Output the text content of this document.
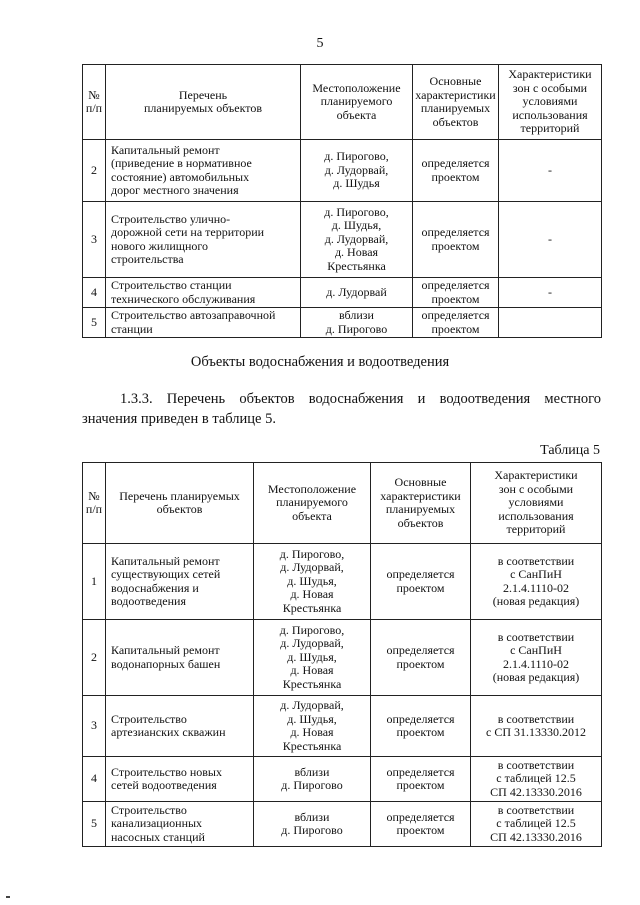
5
№
п/п	Перечень
планируемых объектов	Местоположение
планируемого
объекта	Основные
характеристики
планируемых
объектов	Характеристики
зон с особыми
условиями
использования
территорий
2	Капитальный ремонт
(приведение в нормативное
состояние) автомобильных
дорог местного значения	д. Пирогово,
д. Лудорвай,
д. Шудья	определяется
проектом	-
3	Строительство улично-
дорожной сети на территории
нового жилищного
строительства	д. Пирогово,
д. Шудья,
д. Лудорвай,
д. Новая
Крестьянка	определяется
проектом	-
4	Строительство станции
технического обслуживания	д. Лудорвай	определяется
проектом	-
5	Строительство автозаправочной
станции	вблизи
д. Пирогово	определяется
проектом	
Объекты водоснабжения и водоотведения
1.3.3. Перечень объектов водоснабжения и водоотведения местного
значения приведен в таблице 5.
Таблица 5
№
п/п	Перечень планируемых
объектов	Местоположение
планируемого
объекта	Основные
характеристики
планируемых
объектов	Характеристики
зон с особыми
условиями
использования
территорий
1	Капитальный ремонт
существующих сетей
водоснабжения и
водоотведения	д. Пирогово,
д. Лудорвай,
д. Шудья,
д. Новая
Крестьянка	определяется
проектом	в соответствии
с СанПиН
2.1.4.1110-02
(новая редакция)
2	Капитальный ремонт
водонапорных башен	д. Пирогово,
д. Лудорвай,
д. Шудья,
д. Новая
Крестьянка	определяется
проектом	в соответствии
с СанПиН
2.1.4.1110-02
(новая редакция)
3	Строительство
артезианских скважин	д. Лудорвай,
д. Шудья,
д. Новая
Крестьянка	определяется
проектом	в соответствии
с СП 31.13330.2012
4	Строительство новых
сетей водоотведения	вблизи
д. Пирогово	определяется
проектом	в соответствии
с таблицей 12.5
СП 42.13330.2016
5	Строительство
канализационных
насосных станций	вблизи
д. Пирогово	определяется
проектом	в соответствии
с таблицей 12.5
СП 42.13330.2016
